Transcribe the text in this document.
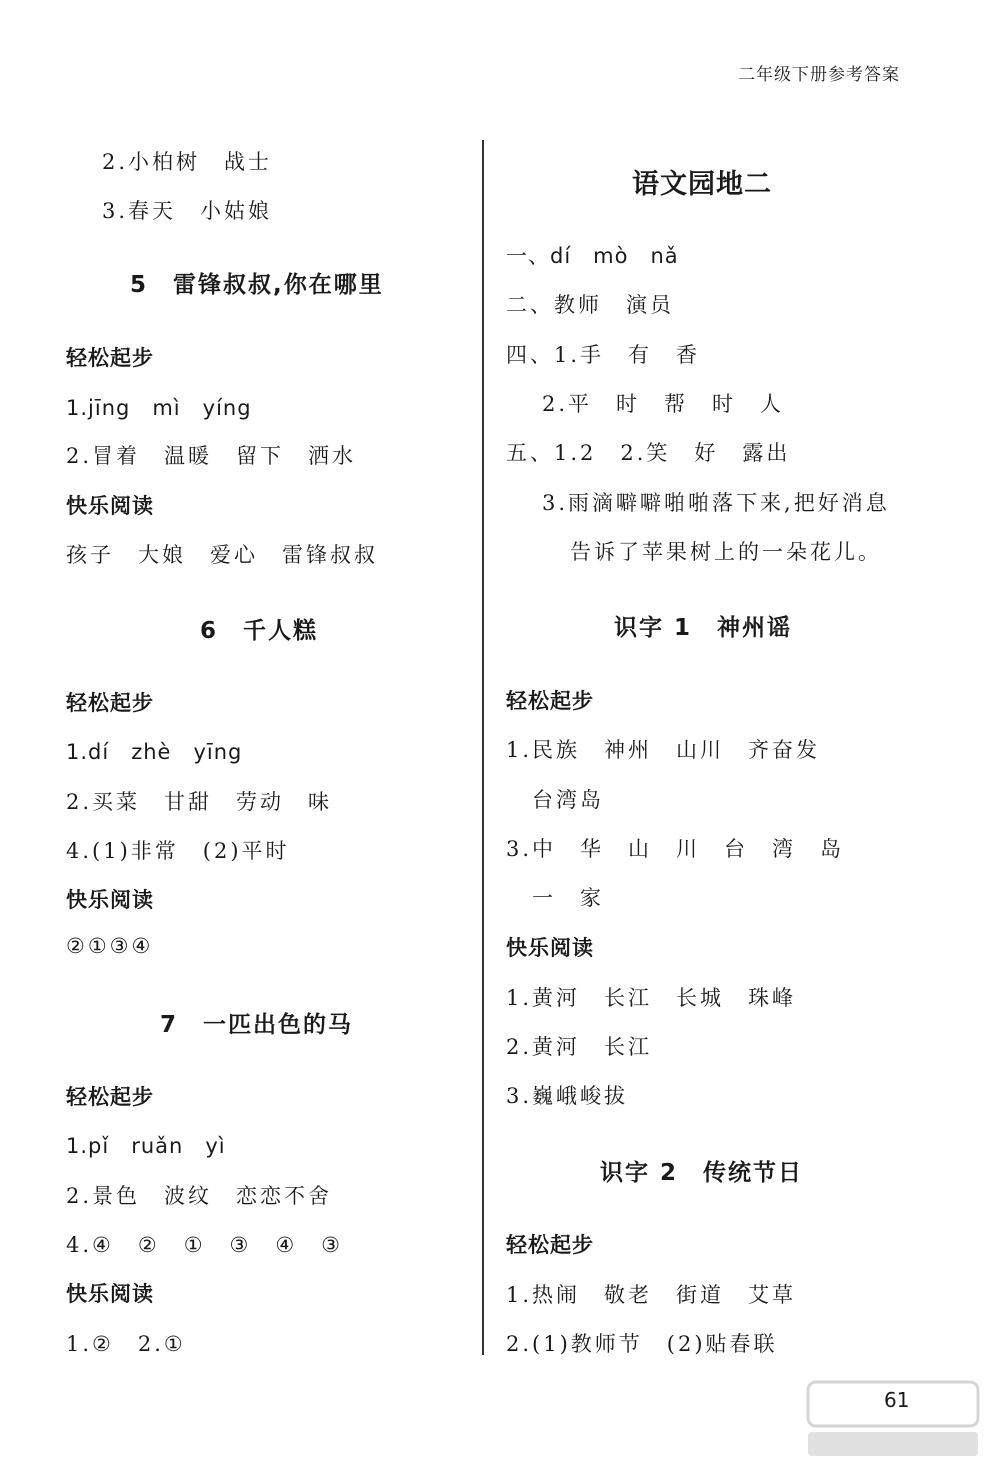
二年级下册参考答案
2.小柏树　战士
3.春天　小姑娘
5　雷锋叔叔,你在哪里
轻松起步
1.jīng　mì　yíng
2.冒着　温暖　留下　洒水
快乐阅读
孩子　大娘　爱心　雷锋叔叔
6　千人糕
轻松起步
1.dí　zhè　yīng
2.买菜　甘甜　劳动　味
4.(1)非常　(2)平时
快乐阅读
②①③④
7　一匹出色的马
轻松起步
1.pǐ　ruǎn　yì
2.景色　波纹　恋恋不舍
4.④　②　①　③　④　③
快乐阅读
1.②　2.①
语文园地二
一、dí　mò　nǎ
二、教师　演员
四、1.手　有　香
2.平　时　帮　时　人
五、1.2　2.笑　好　露出
3.雨滴噼噼啪啪落下来,把好消息
告诉了苹果树上的一朵花儿。
识字 1　神州谣
轻松起步
1.民族　神州　山川　齐奋发
台湾岛
3.中　华　山　川　台　湾　岛
一　家
快乐阅读
1.黄河　长江　长城　珠峰
2.黄河　长江
3.巍峨峻拔
识字 2　传统节日
轻松起步
1.热闹　敬老　街道　艾草
2.(1)教师节　(2)贴春联
61
